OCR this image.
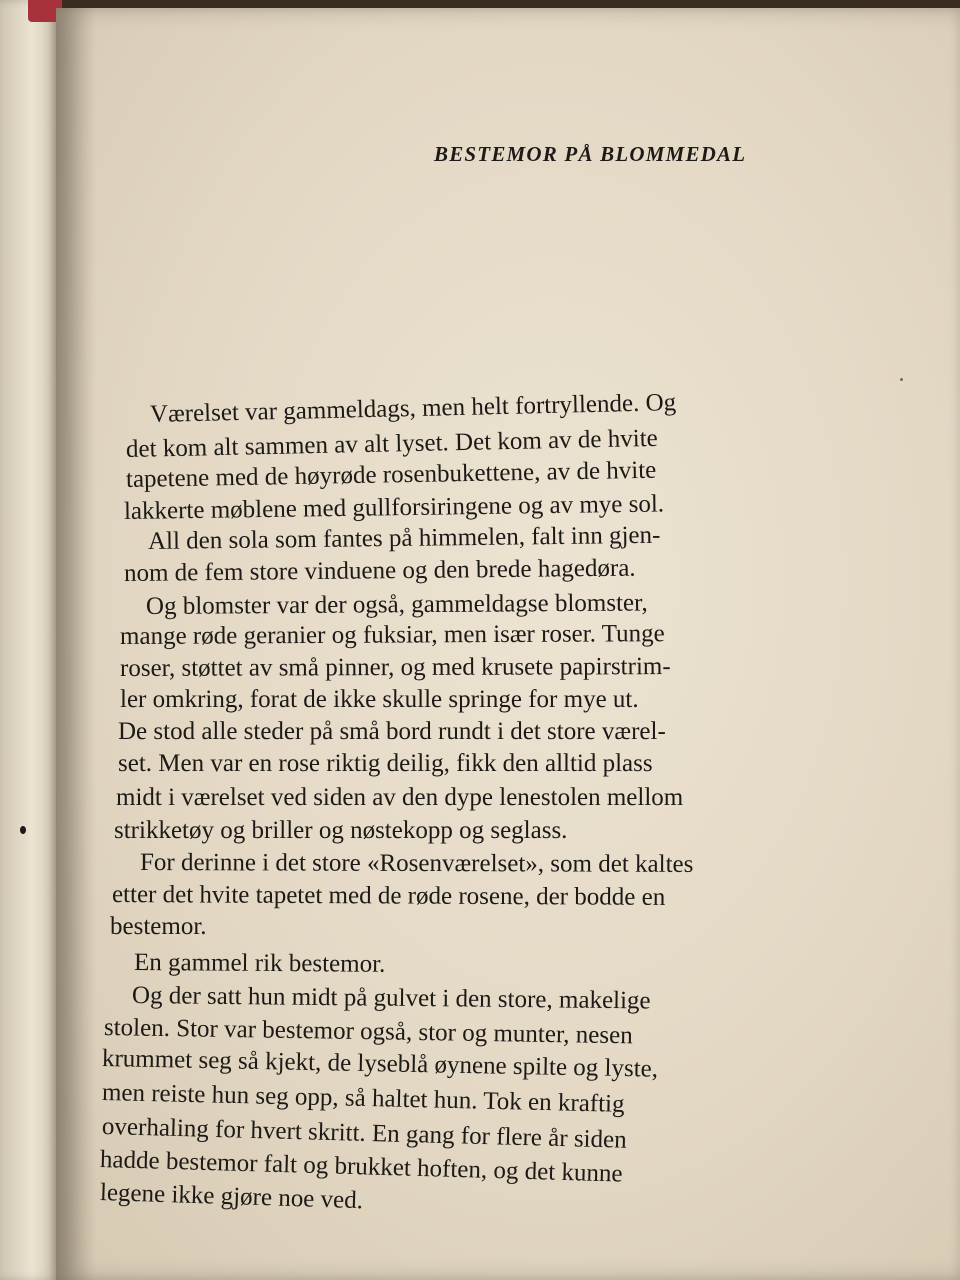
BESTEMOR PÅ BLOMMEDAL
Værelset var gammeldags, men helt fortryllende. Og
det kom alt sammen av alt lyset. Det kom av de hvite
tapetene med de høyrøde rosenbukettene, av de hvite
lakkerte møblene med gullforsiringene og av mye sol.
All den sola som fantes på himmelen, falt inn gjen-
nom de fem store vinduene og den brede hagedøra.
Og blomster var der også, gammeldagse blomster,
mange røde geranier og fuksiar, men især roser. Tunge
roser, støttet av små pinner, og med krusete papirstrim-
ler omkring, forat de ikke skulle springe for mye ut.
De stod alle steder på små bord rundt i det store værel-
set. Men var en rose riktig deilig, fikk den alltid plass
midt i værelset ved siden av den dype lenestolen mellom
strikketøy og briller og nøstekopp og seglass.
For derinne i det store «Rosenværelset», som det kaltes
etter det hvite tapetet med de røde rosene, der bodde en
bestemor.
En gammel rik bestemor.
Og der satt hun midt på gulvet i den store, makelige
stolen. Stor var bestemor også, stor og munter, nesen
krummet seg så kjekt, de lyseblå øynene spilte og lyste,
men reiste hun seg opp, så haltet hun. Tok en kraftig
overhaling for hvert skritt. En gang for flere år siden
hadde bestemor falt og brukket hoften, og det kunne
legene ikke gjøre noe ved.
